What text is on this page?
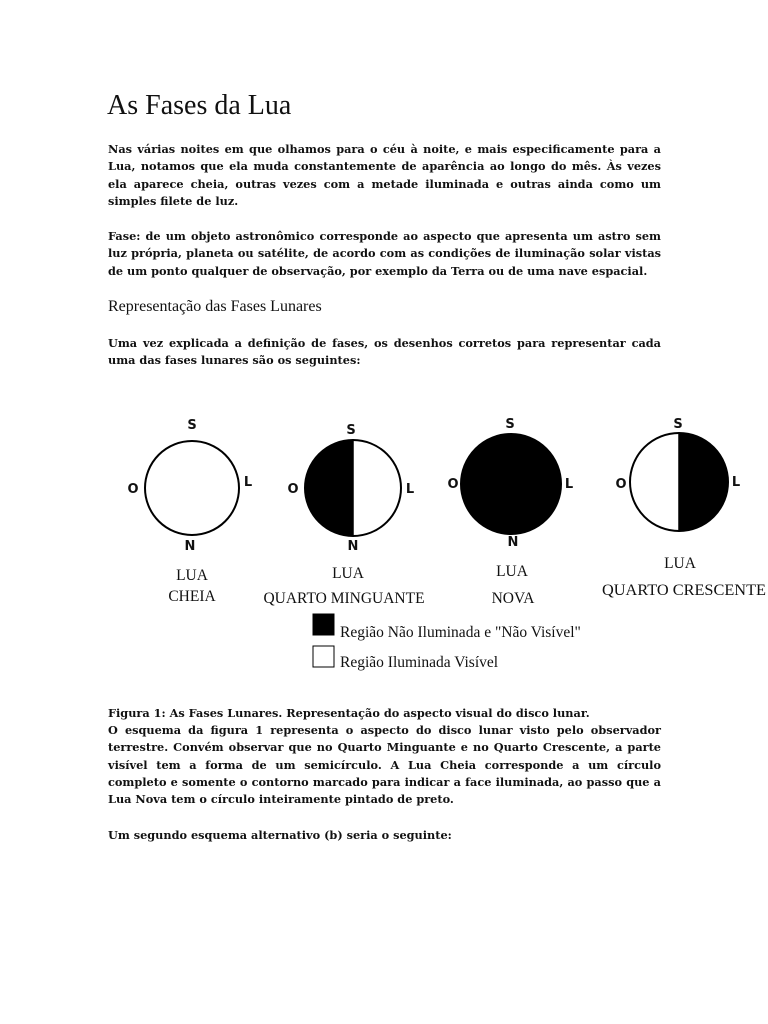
As Fases da Lua

Nas várias noites em que olhamos para o céu à noite, e mais especificamente para a Lua, notamos que ela muda constantemente de aparência ao longo do mês. Às vezes ela aparece cheia, outras vezes com a metade iluminada e outras ainda como um simples filete de luz.

Fase: de um objeto astronômico corresponde ao aspecto que apresenta um astro sem luz própria, planeta ou satélite, de acordo com as condições de iluminação solar vistas de um ponto qualquer de observação, por exemplo da Terra ou de uma nave espacial.

Representação das Fases Lunares

Uma vez explicada a definição de fases, os desenhos corretos para representar cada uma das fases lunares são os seguintes:

S
N
O	L
LUA
CHEIA
S
N
O	L
LUA
QUARTO MINGUANTE
S
N
O	L
LUA
NOVA
S
O	L
LUA
QUARTO CRESCENTE
Região Não Iluminada e "Não Visível"
Região Iluminada Visível

Figura 1: As Fases Lunares. Representação do aspecto visual do disco lunar.

O esquema da figura 1 representa o aspecto do disco lunar visto pelo observador terrestre. Convém observar que no Quarto Minguante e no Quarto Crescente, a parte visível tem a forma de um semicírculo. A Lua Cheia corresponde a um círculo completo e somente o contorno marcado para indicar a face iluminada, ao passo que a Lua Nova tem o círculo inteiramente pintado de preto.

Um segundo esquema alternativo (b) seria o seguinte:
